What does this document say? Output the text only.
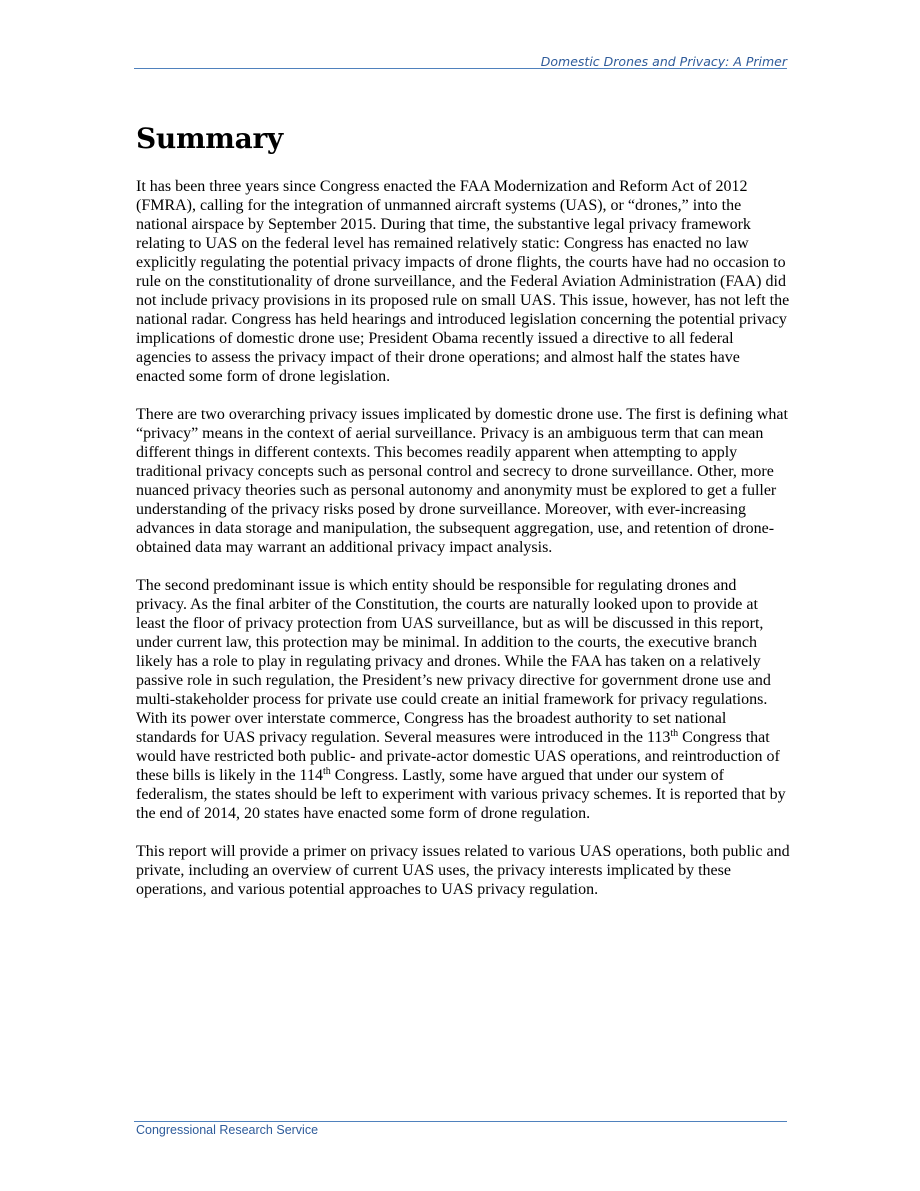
Domestic Drones and Privacy: A Primer
Summary

It has been three years since Congress enacted the FAA Modernization and Reform Act of 2012 (FMRA), calling for the integration of unmanned aircraft systems (UAS), or “drones,” into the national airspace by September 2015. During that time, the substantive legal privacy framework relating to UAS on the federal level has remained relatively static: Congress has enacted no law explicitly regulating the potential privacy impacts of drone flights, the courts have had no occasion to rule on the constitutionality of drone surveillance, and the Federal Aviation Administration (FAA) did not include privacy provisions in its proposed rule on small UAS. This issue, however, has not left the national radar. Congress has held hearings and introduced legislation concerning the potential privacy implications of domestic drone use; President Obama recently issued a directive to all federal agencies to assess the privacy impact of their drone operations; and almost half the states have enacted some form of drone legislation.

There are two overarching privacy issues implicated by domestic drone use. The first is defining what “privacy” means in the context of aerial surveillance. Privacy is an ambiguous term that can mean different things in different contexts. This becomes readily apparent when attempting to apply traditional privacy concepts such as personal control and secrecy to drone surveillance. Other, more nuanced privacy theories such as personal autonomy and anonymity must be explored to get a fuller understanding of the privacy risks posed by drone surveillance. Moreover, with ever-increasing advances in data storage and manipulation, the subsequent aggregation, use, and retention of drone-obtained data may warrant an additional privacy impact analysis.

The second predominant issue is which entity should be responsible for regulating drones and privacy. As the final arbiter of the Constitution, the courts are naturally looked upon to provide at least the floor of privacy protection from UAS surveillance, but as will be discussed in this report, under current law, this protection may be minimal. In addition to the courts, the executive branch likely has a role to play in regulating privacy and drones. While the FAA has taken on a relatively passive role in such regulation, the President’s new privacy directive for government drone use and multi-stakeholder process for private use could create an initial framework for privacy regulations. With its power over interstate commerce, Congress has the broadest authority to set national standards for UAS privacy regulation. Several measures were introduced in the 113th Congress that would have restricted both public- and private-actor domestic UAS operations, and reintroduction of these bills is likely in the 114th Congress. Lastly, some have argued that under our system of federalism, the states should be left to experiment with various privacy schemes. It is reported that by the end of 2014, 20 states have enacted some form of drone regulation.

This report will provide a primer on privacy issues related to various UAS operations, both public and private, including an overview of current UAS uses, the privacy interests implicated by these operations, and various potential approaches to UAS privacy regulation.

Congressional Research Service
